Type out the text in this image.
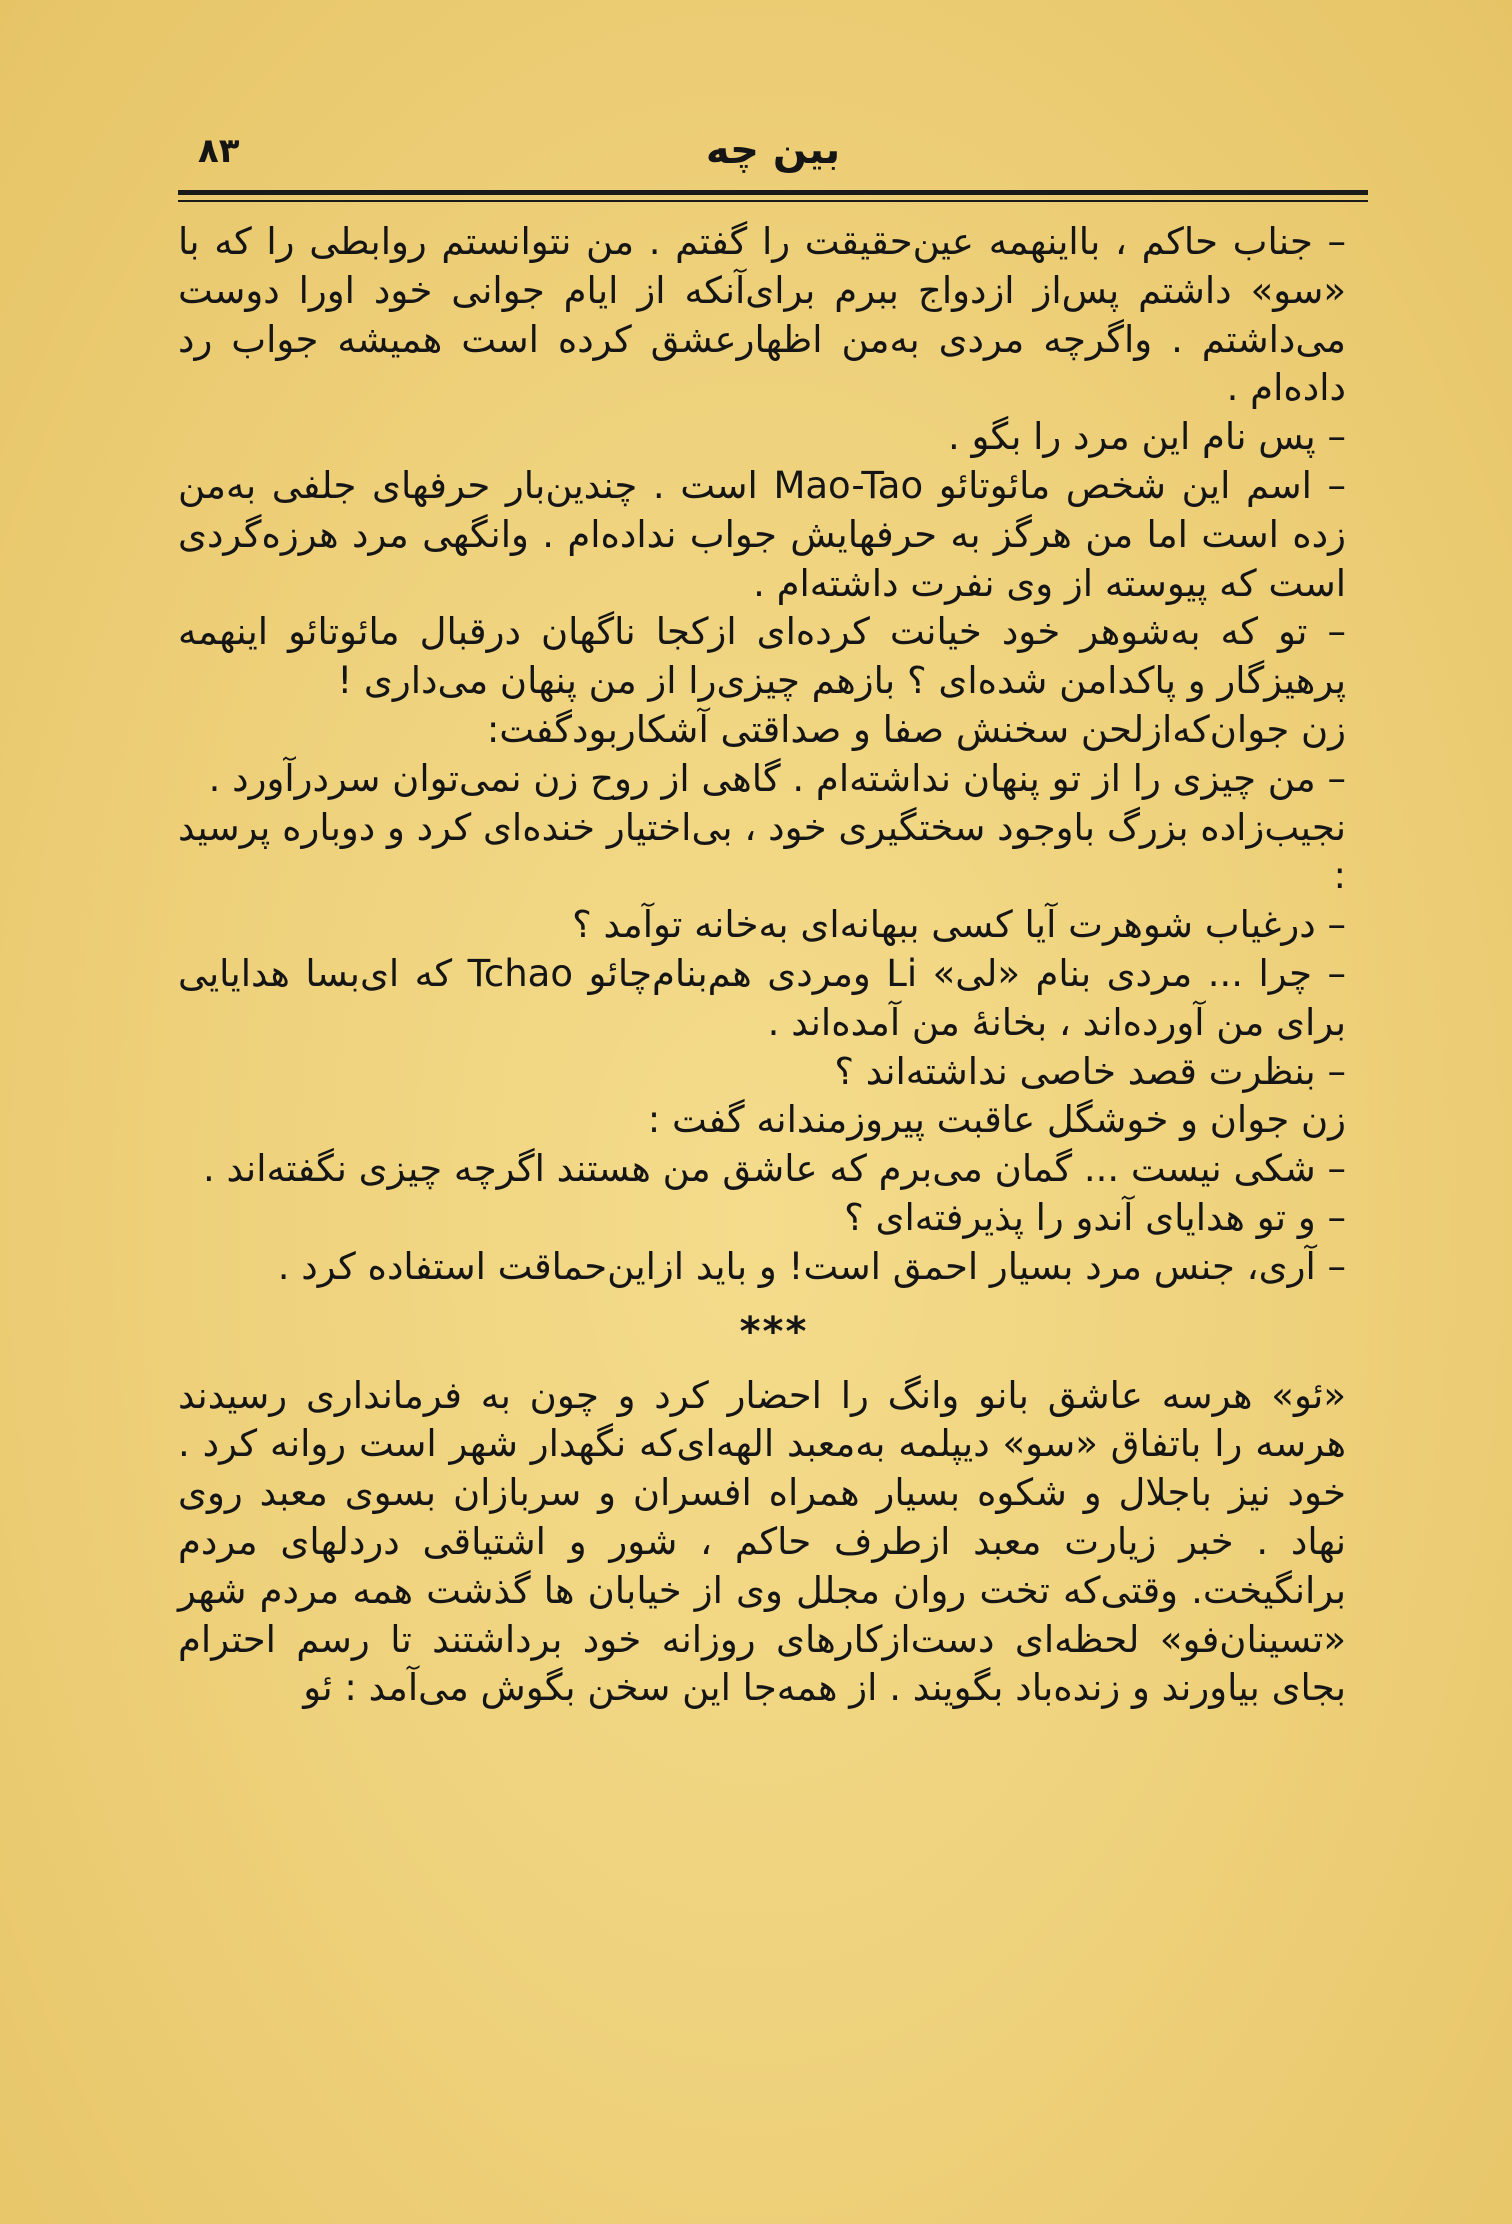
۸۳	بین چه

– جناب حاکم ، بااینهمه عین‌حقیقت را گفتم . من نتوانستم روابطی را که با «سو» داشتم پس‌از ازدواج ببرم برای‌آنکه از ایام جوانی خود اورا دوست می‌داشتم . واگرچه مردی به‌من اظهارعشق کرده است همیشه جواب رد داده‌ام .

– پس نام این مرد را بگو .

– اسم این شخص مائوتائو Mao-Tao است . چندین‌بار حرفهای جلفی به‌من زده است اما من هرگز به حرفهایش جواب نداده‌ام . وانگهی مرد هرزه‌گردی است که پیوسته از وی نفرت داشته‌ام .

– تو که به‌شوهر خود خیانت کرده‌ای ازکجا ناگهان درقبال مائوتائو اینهمه پرهیزگار و پاکدامن شده‌ای ؟ بازهم چیزی‌را از من پنهان می‌داری !

زن جوان‌که‌ازلحن سخنش صفا و صداقتی آشکاربودگفت:

– من چیزی را از تو پنهان نداشته‌ام . گاهی از روح زن نمی‌توان سردرآورد .

نجیب‌زاده بزرگ باوجود سختگیری خود ، بی‌اختیار خنده‌ای کرد و دوباره پرسید :

– درغیاب شوهرت آیا کسی ببهانه‌ای به‌خانه توآمد ؟

– چرا ... مردی بنام «لی» Li ومردی هم‌بنام‌چائو Tchao که ای‌بسا هدایایی برای من آورده‌اند ، بخانهٔ من آمده‌اند .

– بنظرت قصد خاصی نداشته‌اند ؟

زن جوان و خوشگل عاقبت پیروزمندانه گفت :

– شکی نیست ... گمان می‌برم که عاشق من هستند اگرچه چیزی نگفته‌اند .

– و تو هدایای آندو را پذیرفته‌ای ؟

– آری، جنس مرد بسیار احمق است! و باید ازاین‌حماقت استفاده کرد .

***

«ئو» هرسه عاشق بانو وانگ را احضار کرد و چون به فرمانداری رسیدند هرسه را باتفاق «سو» دیپلمه به‌معبد الهه‌ای‌که نگهدار شهر است روانه کرد . خود نیز باجلال و شکوه بسیار همراه افسران و سربازان بسوی معبد روی نهاد . خبر زیارت معبد ازطرف حاکم ، شور و اشتیاقی دردلهای مردم برانگیخت. وقتی‌که تخت روان مجلل وی از خیابان ها گذشت همه مردم شهر «تسینان‌فو» لحظه‌ای دست‌ازکارهای روزانه خود برداشتند تا رسم احترام بجای بیاورند و زنده‌باد بگویند . از همه‌جا این سخن بگوش می‌آمد : ئو
